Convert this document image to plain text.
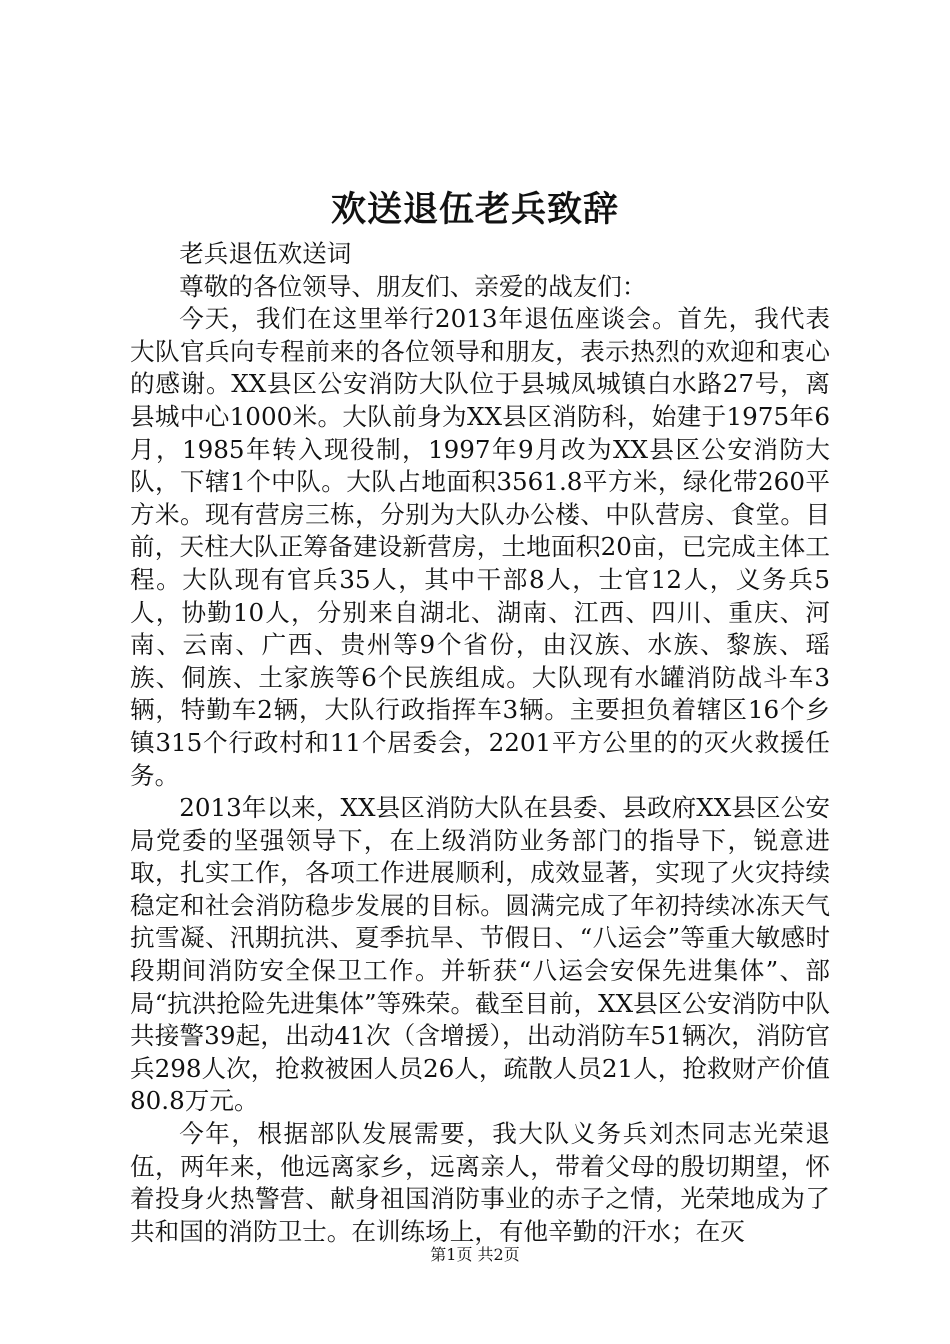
欢送退伍老兵致辞

老兵退伍欢送词

尊敬的各位领导、朋友们、亲爱的战友们：

今天，我们在这里举行2013年退伍座谈会。首先，我代表大队官兵向专程前来的各位领导和朋友，表示热烈的欢迎和衷心的感谢。XX县区公安消防大队位于县城凤城镇白水路27号，离县城中心1000米。大队前身为XX县区消防科，始建于1975年6月，1985年转入现役制，1997年9月改为XX县区公安消防大队，下辖1个中队。大队占地面积3561.8平方米，绿化带260平方米。现有营房三栋，分别为大队办公楼、中队营房、食堂。目前，天柱大队正筹备建设新营房，土地面积20亩，已完成主体工程。大队现有官兵35人，其中干部8人，士官12人，义务兵5人，协勤10人，分别来自湖北、湖南、江西、四川、重庆、河南、云南、广西、贵州等9个省份，由汉族、水族、黎族、瑶族、侗族、土家族等6个民族组成。大队现有水罐消防战斗车3辆，特勤车2辆，大队行政指挥车3辆。主要担负着辖区16个乡镇315个行政村和11个居委会，2201平方公里的的灭火救援任务。

2013年以来，XX县区消防大队在县委、县政府XX县区公安局党委的坚强领导下，在上级消防业务部门的指导下，锐意进取，扎实工作，各项工作进展顺利，成效显著，实现了火灾持续稳定和社会消防稳步发展的目标。圆满完成了年初持续冰冻天气抗雪凝、汛期抗洪、夏季抗旱、节假日、“八运会”等重大敏感时段期间消防安全保卫工作。并斩获“八运会安保先进集体”、部局“抗洪抢险先进集体”等殊荣。截至目前，XX县区公安消防中队共接警39起，出动41次（含增援），出动消防车51辆次，消防官兵298人次，抢救被困人员26人，疏散人员21人，抢救财产价值80.8万元。

今年，根据部队发展需要，我大队义务兵刘杰同志光荣退伍，两年来，他远离家乡，远离亲人，带着父母的殷切期望，怀着投身火热警营、献身祖国消防事业的赤子之情，光荣地成为了共和国的消防卫士。在训练场上，有他辛勤的汗水；在灭

第1页 共2页
